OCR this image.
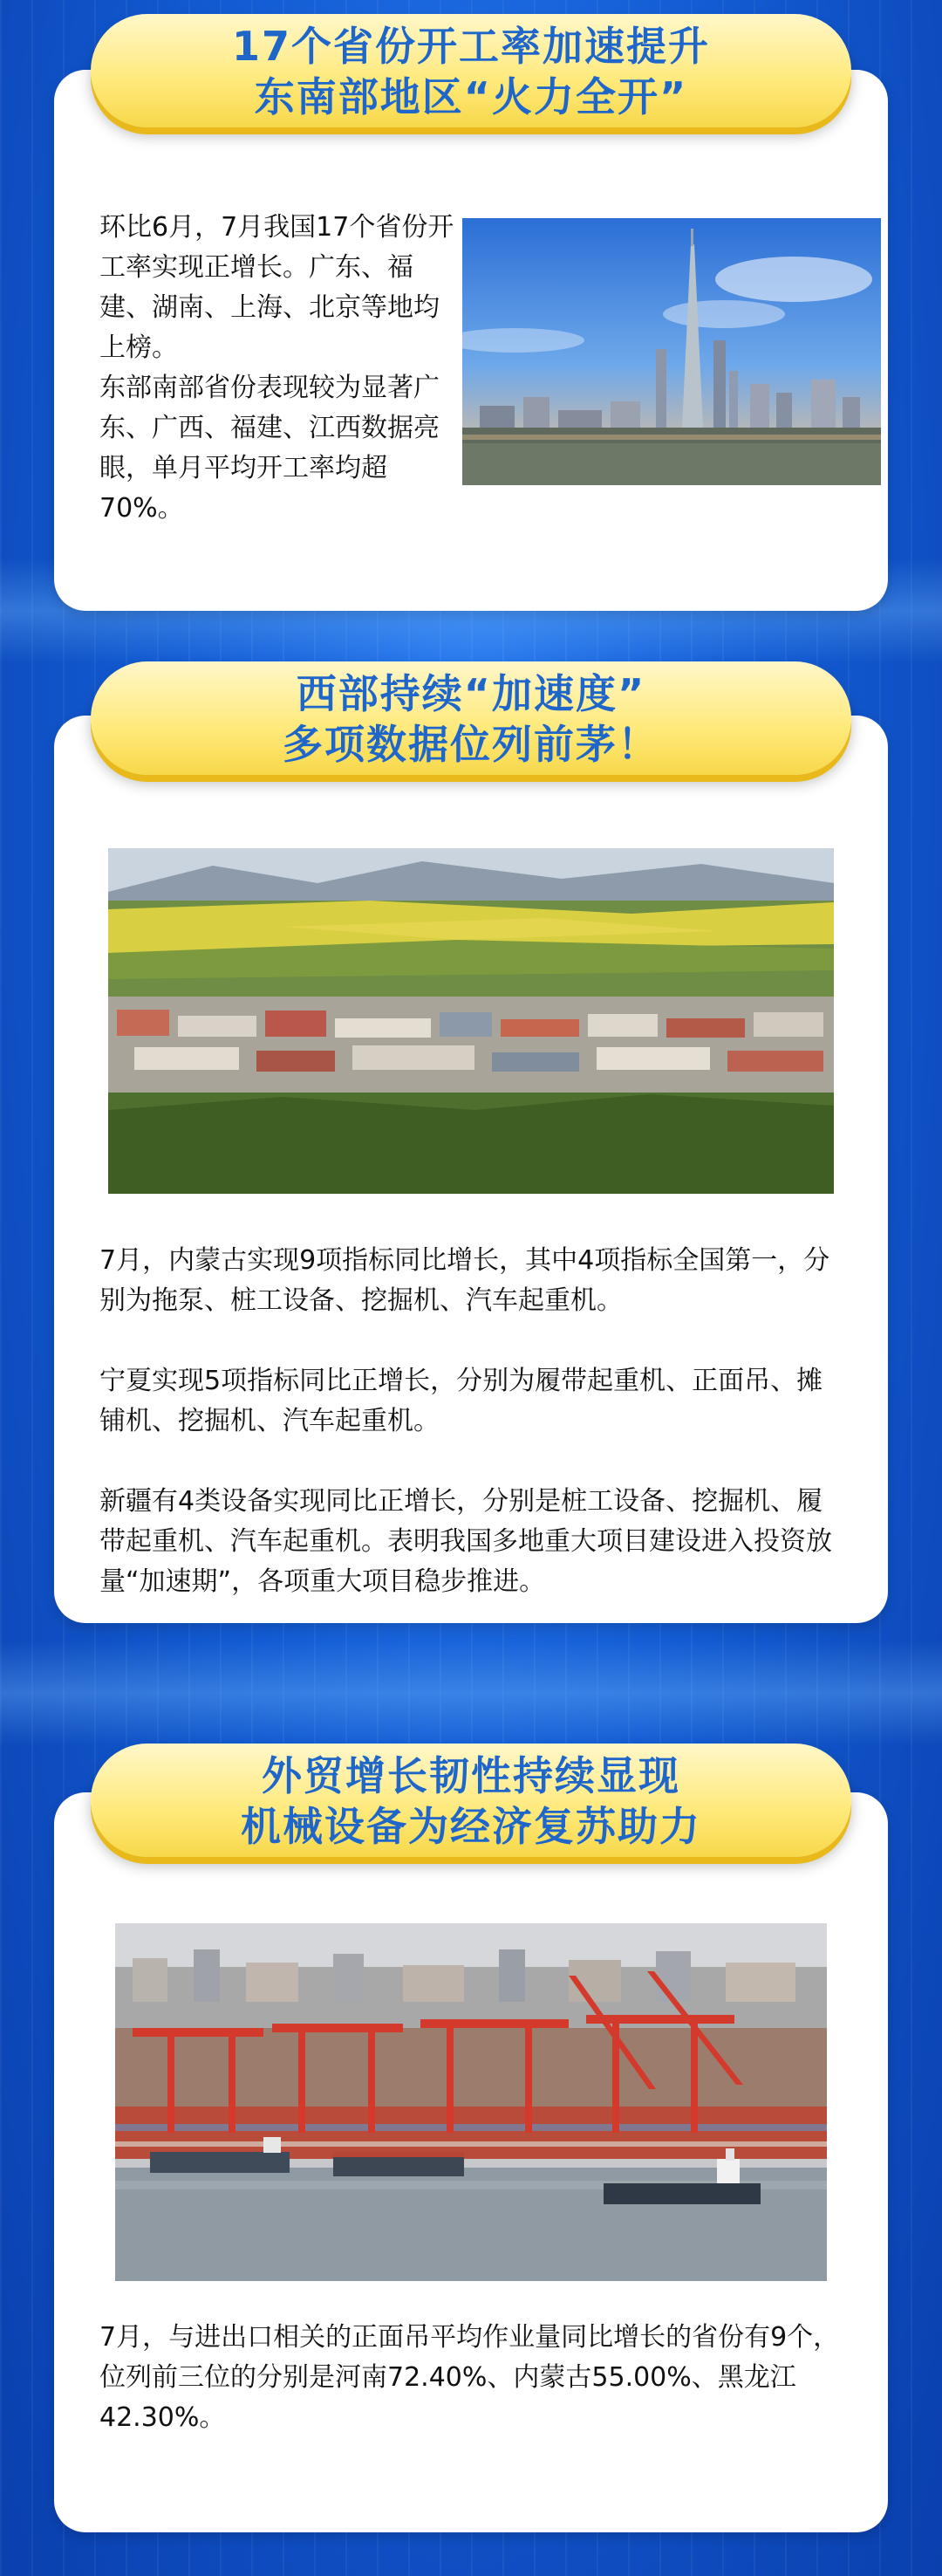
17个省份开工率加速提升
东南部地区“火力全开”

环比6月，7月我国17个省份开工率实现正增长。广东、福建、湖南、上海、北京等地均上榜。

东部南部省份表现较为显著广东、广西、福建、江西数据亮眼，单月平均开工率均超70%。

西部持续“加速度”
多项数据位列前茅！

7月，内蒙古实现9项指标同比增长，其中4项指标全国第一，分别为拖泵、桩工设备、挖掘机、汽车起重机。

宁夏实现5项指标同比正增长，分别为履带起重机、正面吊、摊铺机、挖掘机、汽车起重机。

新疆有4类设备实现同比正增长，分别是桩工设备、挖掘机、履带起重机、汽车起重机。表明我国多地重大项目建设进入投资放量“加速期”，各项重大项目稳步推进。

外贸增长韧性持续显现
机械设备为经济复苏助力

7月，与进出口相关的正面吊平均作业量同比增长的省份有9个，位列前三位的分别是河南72.40%、内蒙古55.00%、黑龙江42.30%。
